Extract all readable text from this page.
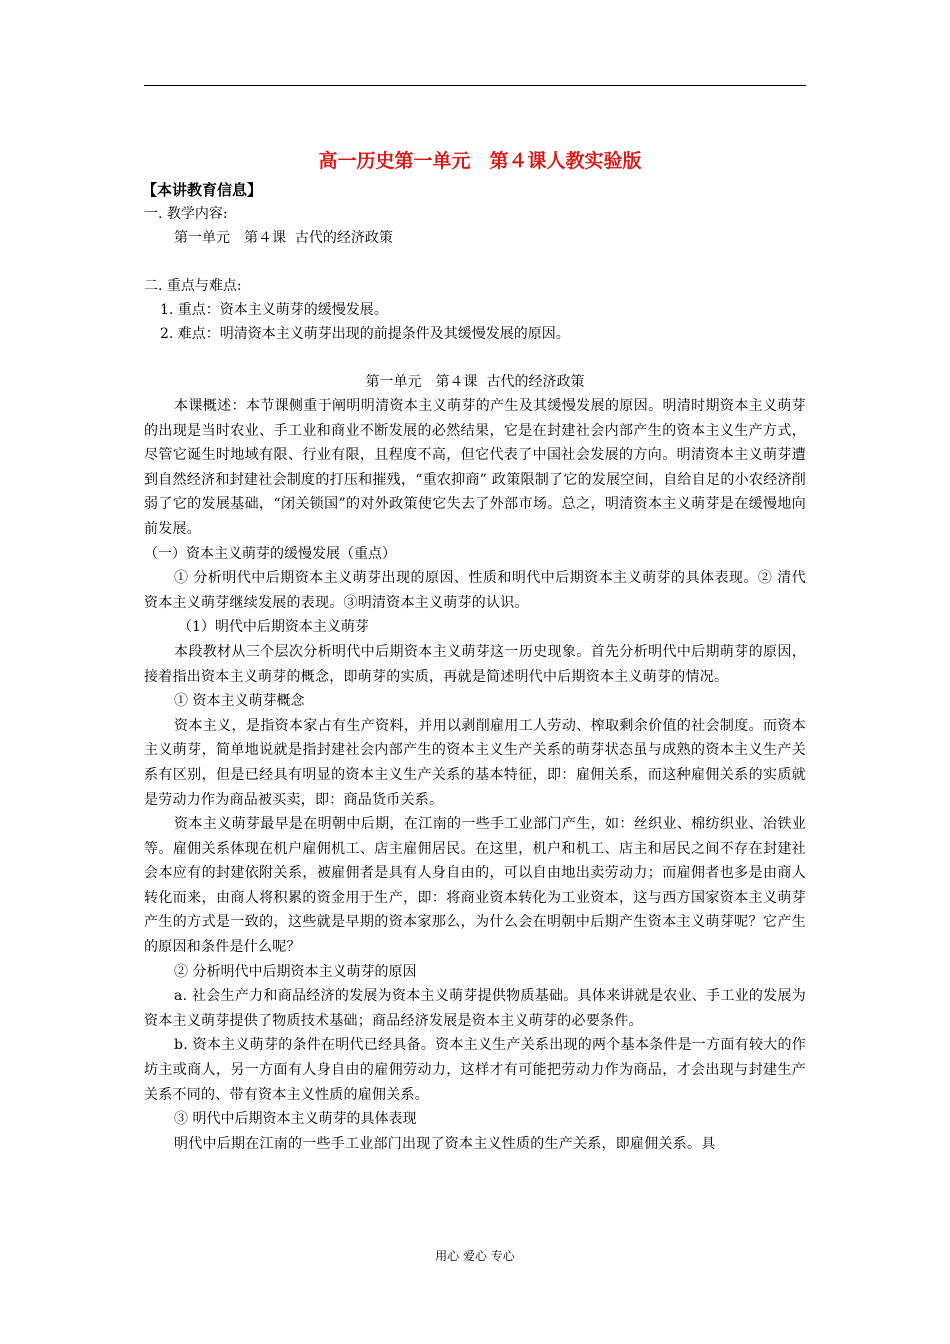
高一历史第一单元　第４课人教实验版
【本讲教育信息】
一. 教学内容:
第一单元　第４课  古代的经济政策
二. 重点与难点:
1. 重点：资本主义萌芽的缓慢发展。
2. 难点：明清资本主义萌芽出现的前提条件及其缓慢发展的原因。
第一单元　第４课  古代的经济政策
本课概述：本节课侧重于阐明明清资本主义萌芽的产生及其缓慢发展的原因。明清时期资本主义萌芽的出现是当时农业、手工业和商业不断发展的必然结果，它是在封建社会内部产生的资本主义生产方式，尽管它诞生时地域有限、行业有限，且程度不高，但它代表了中国社会发展的方向。明清资本主义萌芽遭到自然经济和封建社会制度的打压和摧残，“重农抑商” 政策限制了它的发展空间，自给自足的小农经济削弱了它的发展基础，“闭关锁国”的对外政策使它失去了外部市场。总之，明清资本主义萌芽是在缓慢地向前发展。
（一）资本主义萌芽的缓慢发展（重点）
① 分析明代中后期资本主义萌芽出现的原因、性质和明代中后期资本主义萌芽的具体表现。② 清代资本主义萌芽继续发展的表现。③明清资本主义萌芽的认识。
（1）明代中后期资本主义萌芽
本段教材从三个层次分析明代中后期资本主义萌芽这一历史现象。首先分析明代中后期萌芽的原因，接着指出资本主义萌芽的概念，即萌芽的实质，再就是简述明代中后期资本主义萌芽的情况。
① 资本主义萌芽概念
资本主义，是指资本家占有生产资料，并用以剥削雇用工人劳动、榨取剩余价值的社会制度。而资本主义萌芽，简单地说就是指封建社会内部产生的资本主义生产关系的萌芽状态虽与成熟的资本主义生产关系有区别，但是已经具有明显的资本主义生产关系的基本特征，即：雇佣关系，而这种雇佣关系的实质就是劳动力作为商品被买卖，即：商品货币关系。
资本主义萌芽最早是在明朝中后期，在江南的一些手工业部门产生，如：丝织业、棉纺织业、冶铁业等。雇佣关系体现在机户雇佣机工、店主雇佣居民。在这里，机户和机工、店主和居民之间不存在封建社会本应有的封建依附关系，被雇佣者是具有人身自由的，可以自由地出卖劳动力；而雇佣者也多是由商人转化而来，由商人将积累的资金用于生产，即：将商业资本转化为工业资本，这与西方国家资本主义萌芽产生的方式是一致的，这些就是早期的资本家那么，为什么会在明朝中后期产生资本主义萌芽呢？它产生的原因和条件是什么呢？
② 分析明代中后期资本主义萌芽的原因
a. 社会生产力和商品经济的发展为资本主义萌芽提供物质基础。具体来讲就是农业、手工业的发展为资本主义萌芽提供了物质技术基础；商品经济发展是资本主义萌芽的必要条件。
b. 资本主义萌芽的条件在明代已经具备。资本主义生产关系出现的两个基本条件是一方面有较大的作坊主或商人，另一方面有人身自由的雇佣劳动力，这样才有可能把劳动力作为商品，才会出现与封建生产关系不同的、带有资本主义性质的雇佣关系。
③ 明代中后期资本主义萌芽的具体表现
明代中后期在江南的一些手工业部门出现了资本主义性质的生产关系，即雇佣关系。具
用心 爱心 专心
